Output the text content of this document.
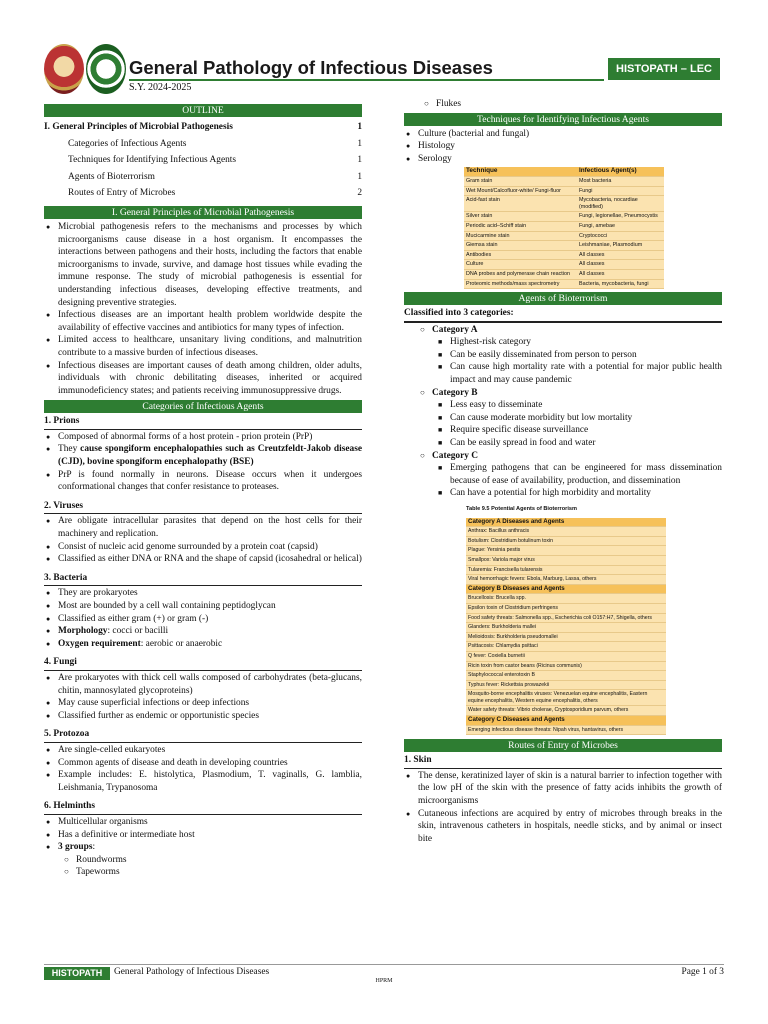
General Pathology of Infectious Diseases
S.Y. 2024-2025
HISTOPATH – LEC
OUTLINE
I. General Principles of Microbial Pathogenesis	1
Categories of Infectious Agents	1
Techniques for Identifying Infectious Agents	1
Agents of Bioterrorism	1
Routes of Entry of Microbes	2
I. General Principles of Microbial Pathogenesis
● Microbial pathogenesis refers to the mechanisms and processes by which microorganisms cause disease in a host organism. It encompasses the interactions between pathogens and their hosts, including the factors that enable microorganisms to invade, survive, and damage host tissues while evading the immune response. The study of microbial pathogenesis is essential for understanding infectious diseases, developing effective treatments, and designing preventive strategies.
● Infectious diseases are an important health problem worldwide despite the availability of effective vaccines and antibiotics for many types of infection.
● Limited access to healthcare, unsanitary living conditions, and malnutrition contribute to a massive burden of infectious diseases.
● Infectious diseases are important causes of death among children, older adults, individuals with chronic debilitating diseases, inherited or acquired immunodeficiency states; and patients receiving immunosuppressive drugs.
Categories of Infectious Agents
1. Prions
● Composed of abnormal forms of a host protein - prion protein (PrP)
● They cause spongiform encephalopathies such as Creutzfeldt-Jakob disease (CJD), bovine spongiform encephalopathy (BSE)
● PrP is found normally in neurons. Disease occurs when it undergoes conformational changes that confer resistance to proteases.
2. Viruses
● Are obligate intracellular parasites that depend on the host cells for their machinery and replication.
● Consist of nucleic acid genome surrounded by a protein coat (capsid)
● Classified as either DNA or RNA and the shape of capsid (icosahedral or helical)
3. Bacteria
● They are prokaryotes
● Most are bounded by a cell wall containing peptidoglycan
● Classified as either gram (+) or gram (-)
● Morphology: cocci or bacilli
● Oxygen requirement: aerobic or anaerobic
4. Fungi
● Are prokaryotes with thick cell walls composed of carbohydrates (beta-glucans, chitin, mannosylated glycoproteins)
● May cause superficial infections or deep infections
● Classified further as endemic or opportunistic species
5. Protozoa
● Are single-celled eukaryotes
● Common agents of disease and death in developing countries
● Example includes: E. histolytica, Plasmodium, T. vaginalls, G. lamblia, Leishmania, Trypanosoma
6. Helminths
● Multicellular organisms
● Has a definitive or intermediate host
● 3 groups:
○ Roundworms
○ Tapeworms
○ Flukes
Techniques for Identifying Infectious Agents
● Culture (bacterial and fungal)
● Histology
● Serology
Technique	Infectious Agent(s)
Gram stain	Most bacteria
Wet Mount/Calcofluor-white/ Fungi-fluor	Fungi
Acid-fast stain	Mycobacteria, nocardiae (modified)
Silver stain	Fungi, legionellae, Pneumocystis
Periodic acid–Schiff stain	Fungi, amebae
Mucicarmine stain	Cryptococci
Giemsa stain	Leishmaniae, Plasmodium
Antibodies	All classes
Culture	All classes
DNA probes and polymerase chain reaction	All classes
Proteomic methods/mass spectrometry	Bacteria, mycobacteria, fungi
Agents of Bioterrorism
Classified into 3 categories:
○ Category A
■ Highest-risk category
■ Can be easily disseminated from person to person
■ Can cause high mortality rate with a potential for major public health impact and may cause pandemic
○ Category B
■ Less easy to disseminate
■ Can cause moderate morbidity but low mortality
■ Require specific disease surveillance
■ Can be easily spread in food and water
○ Category C
■ Emerging pathogens that can be engineered for mass dissemination because of ease of availability, production, and dissemination
■ Can have a potential for high morbidity and mortality
Table 9.5 Potential Agents of Bioterrorism
Category A Diseases and Agents
Anthrax: Bacillus anthracis
Botulism: Clostridium botulinum toxin
Plague: Yersinia pestis
Smallpox: Variola major virus
Tularemia: Francisella tularensis
Viral hemorrhagic fevers: Ebola, Marburg, Lassa, others
Category B Diseases and Agents
Brucellosis: Brucella spp.
Epsilon toxin of Clostridium perfringens
Food safety threats: Salmonella spp., Escherichia coli O157:H7, Shigella, others
Glanders: Burkholderia mallei
Melioidosis: Burkholderia pseudomallei
Psittacosis: Chlamydia psittaci
Q fever: Coxiella burnetii
Ricin toxin from castor beans (Ricinus communis)
Staphylococcal enterotoxin B
Typhus fever: Rickettsia prowazekii
Mosquito-borne encephalitis viruses: Venezuelan equine encephalitis, Eastern equine encephalitis, Western equine encephalitis, others
Water safety threats: Vibrio cholerae, Cryptosporidium parvum, others
Category C Diseases and Agents
Emerging infectious disease threats: Nipah virus, hantavirus, others
Routes of Entry of Microbes
1. Skin
● The dense, keratinized layer of skin is a natural barrier to infection together with the low pH of the skin with the presence of fatty acids inhibits the growth of microorganisms
● Cutaneous infections are acquired by entry of microbes through breaks in the skin, intravenous catheters in hospitals, needle sticks, and by animal or insect bite
HISTOPATH	General Pathology of Infectious Diseases	Page 1 of 3
HPRM
